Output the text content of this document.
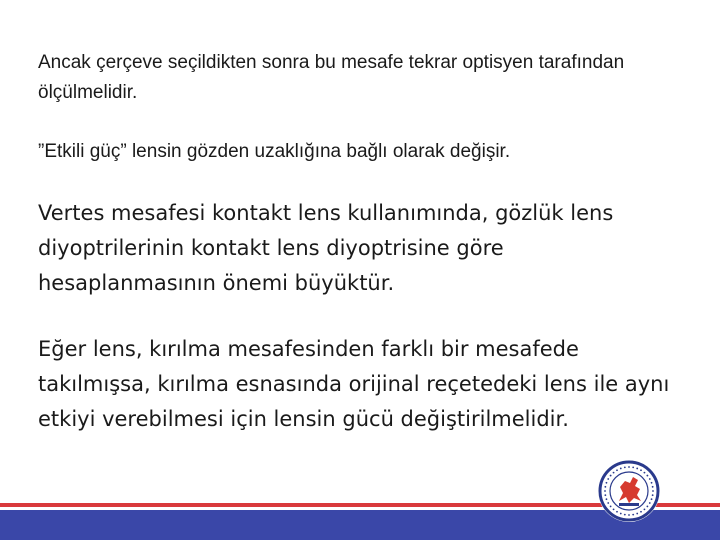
Ancak çerçeve seçildikten sonra bu mesafe tekrar optisyen tarafından ölçülmelidir.

”Etkili güç” lensin gözden uzaklığına bağlı olarak değişir.

Vertes mesafesi kontakt lens kullanımında, gözlük lens diyoptrilerinin kontakt lens diyoptrisine göre hesaplanmasının önemi büyüktür.

Eğer lens, kırılma mesafesinden farklı bir mesafede takılmışsa, kırılma esnasında orijinal reçetedeki lens ile aynı etkiyi verebilmesi için lensin gücü değiştirilmelidir.
